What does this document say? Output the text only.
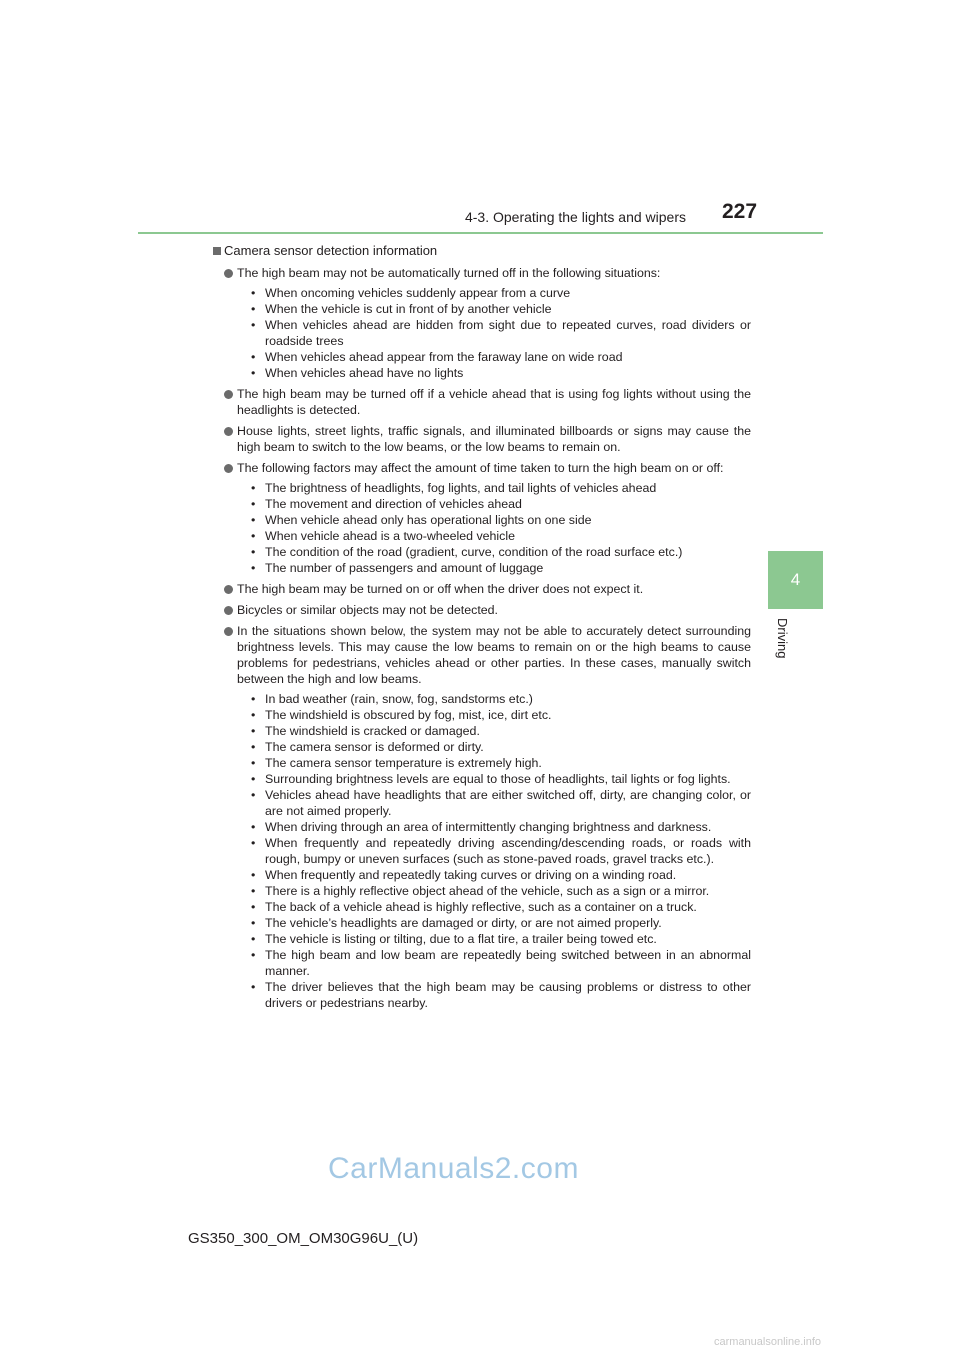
4-3. Operating the lights and wipers 227
4
Driving
Camera sensor detection information
The high beam may not be automatically turned off in the following situations:
• When oncoming vehicles suddenly appear from a curve
• When the vehicle is cut in front of by another vehicle
• When vehicles ahead are hidden from sight due to repeated curves, road dividers or roadside trees
• When vehicles ahead appear from the faraway lane on wide road
• When vehicles ahead have no lights
The high beam may be turned off if a vehicle ahead that is using fog lights without using the headlights is detected.
House lights, street lights, traffic signals, and illuminated billboards or signs may cause the high beam to switch to the low beams, or the low beams to remain on.
The following factors may affect the amount of time taken to turn the high beam on or off:
• The brightness of headlights, fog lights, and tail lights of vehicles ahead
• The movement and direction of vehicles ahead
• When vehicle ahead only has operational lights on one side
• When vehicle ahead is a two-wheeled vehicle
• The condition of the road (gradient, curve, condition of the road surface etc.)
• The number of passengers and amount of luggage
The high beam may be turned on or off when the driver does not expect it.
Bicycles or similar objects may not be detected.
In the situations shown below, the system may not be able to accurately detect surrounding brightness levels. This may cause the low beams to remain on or the high beams to cause problems for pedestrians, vehicles ahead or other parties. In these cases, manually switch between the high and low beams.
• In bad weather (rain, snow, fog, sandstorms etc.)
• The windshield is obscured by fog, mist, ice, dirt etc.
• The windshield is cracked or damaged.
• The camera sensor is deformed or dirty.
• The camera sensor temperature is extremely high.
• Surrounding brightness levels are equal to those of headlights, tail lights or fog lights.
• Vehicles ahead have headlights that are either switched off, dirty, are changing color, or are not aimed properly.
• When driving through an area of intermittently changing brightness and darkness.
• When frequently and repeatedly driving ascending/descending roads, or roads with rough, bumpy or uneven surfaces (such as stone-paved roads, gravel tracks etc.).
• When frequently and repeatedly taking curves or driving on a winding road.
• There is a highly reflective object ahead of the vehicle, such as a sign or a mirror.
• The back of a vehicle ahead is highly reflective, such as a container on a truck.
• The vehicle’s headlights are damaged or dirty, or are not aimed properly.
• The vehicle is listing or tilting, due to a flat tire, a trailer being towed etc.
• The high beam and low beam are repeatedly being switched between in an abnormal manner.
• The driver believes that the high beam may be causing problems or distress to other drivers or pedestrians nearby.
GS350_300_OM_OM30G96U_(U)
CarManuals2.com
carmanualsonline.info
